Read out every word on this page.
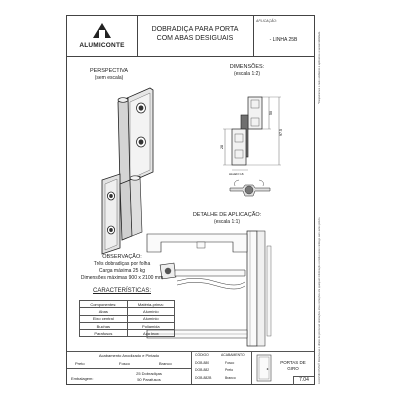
ALUMICONTE
DOBRADIÇA PARA PORTA
COM ABAS DESIGUAIS
APLICAÇÃO:
- LINHA 25B
PERSPECTIVA
(sem escala)
DIMENSÕES:
(escala 1:2)
50
97.5
28
ALLEN ¾6
DETALHE DE APLICAÇÃO:
(escala 1:1)
OBSERVAÇÃO:
Três dobradiças por folha
Carga máxima 25 kg
Dimensões máximas 900 x 2100 mm
CARACTERÍSTICAS:
Componentes:	Matéria-prima:
Abas	Alumínio
Eixo central	Alumínio
Buchas	Poliamida
Parafusos	Aço Inox
Acabamento Anodizado e Pintado
Preto	Fosco	Branco
Embalagem:
25 Dobradiças
50 Parafusos
CÓDIGO	ACABAMENTO
DOB-880	Fosco
DOB-882	Preto
DOB-882B	Branco
PORTAS DE
GIRO
7.04	A ALUMICONTE® Reserva-se o direito de promover alterações e/ou correções em qualquer informação contida neste catálogo sem aviso prévio.
*Respeitamos o meio ambiente e aplicamos a sustentabilidade.
